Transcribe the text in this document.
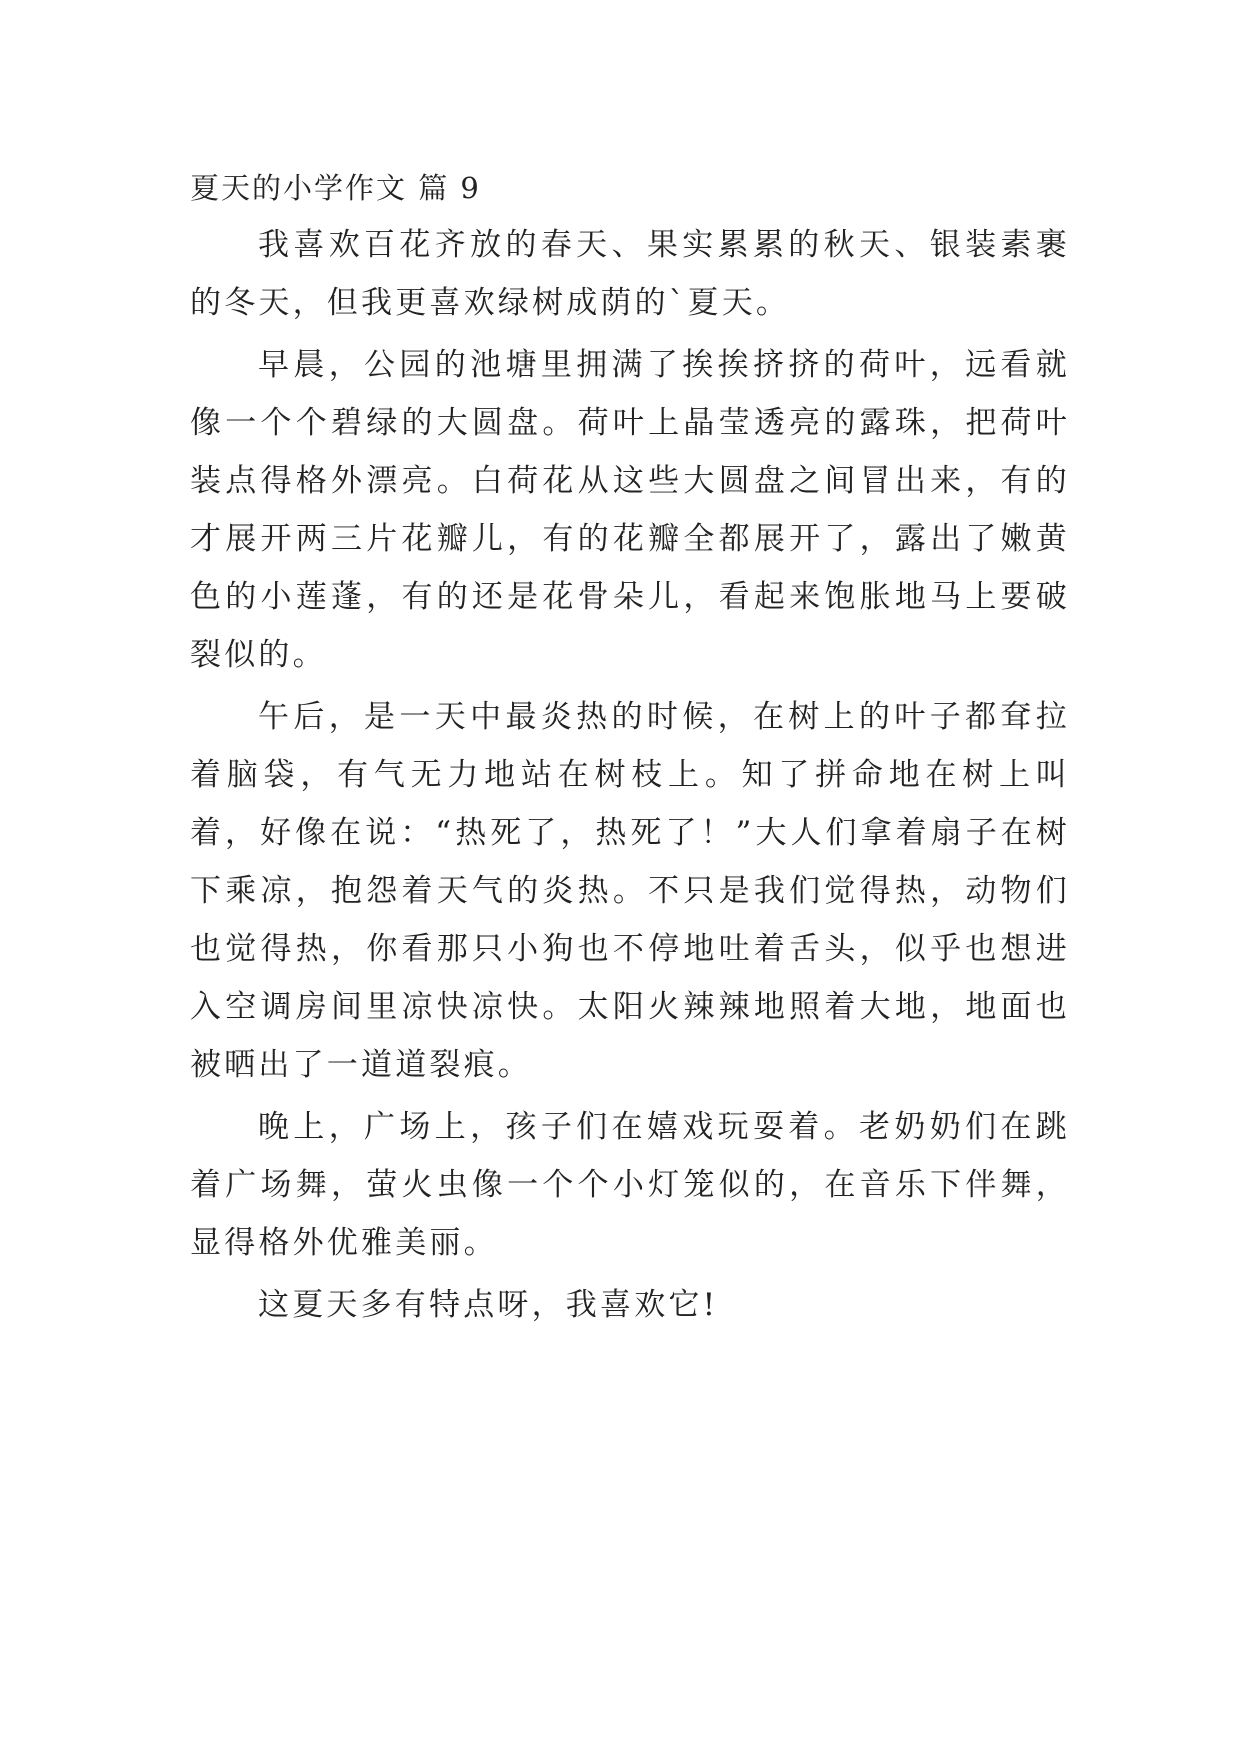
夏天的小学作文 篇 9

我喜欢百花齐放的春天、果实累累的秋天、银装素裹的冬天，但我更喜欢绿树成荫的`夏天。

早晨，公园的池塘里拥满了挨挨挤挤的荷叶，远看就像一个个碧绿的大圆盘。荷叶上晶莹透亮的露珠，把荷叶装点得格外漂亮。白荷花从这些大圆盘之间冒出来，有的才展开两三片花瓣儿，有的花瓣全都展开了，露出了嫩黄色的小莲蓬，有的还是花骨朵儿，看起来饱胀地马上要破裂似的。

午后，是一天中最炎热的时候，在树上的叶子都耷拉着脑袋，有气无力地站在树枝上。知了拼命地在树上叫着，好像在说：“热死了，热死了！”大人们拿着扇子在树下乘凉，抱怨着天气的炎热。不只是我们觉得热，动物们也觉得热，你看那只小狗也不停地吐着舌头，似乎也想进入空调房间里凉快凉快。太阳火辣辣地照着大地，地面也被晒出了一道道裂痕。

晚上，广场上，孩子们在嬉戏玩耍着。老奶奶们在跳着广场舞，萤火虫像一个个小灯笼似的，在音乐下伴舞，显得格外优雅美丽。

这夏天多有特点呀，我喜欢它!
